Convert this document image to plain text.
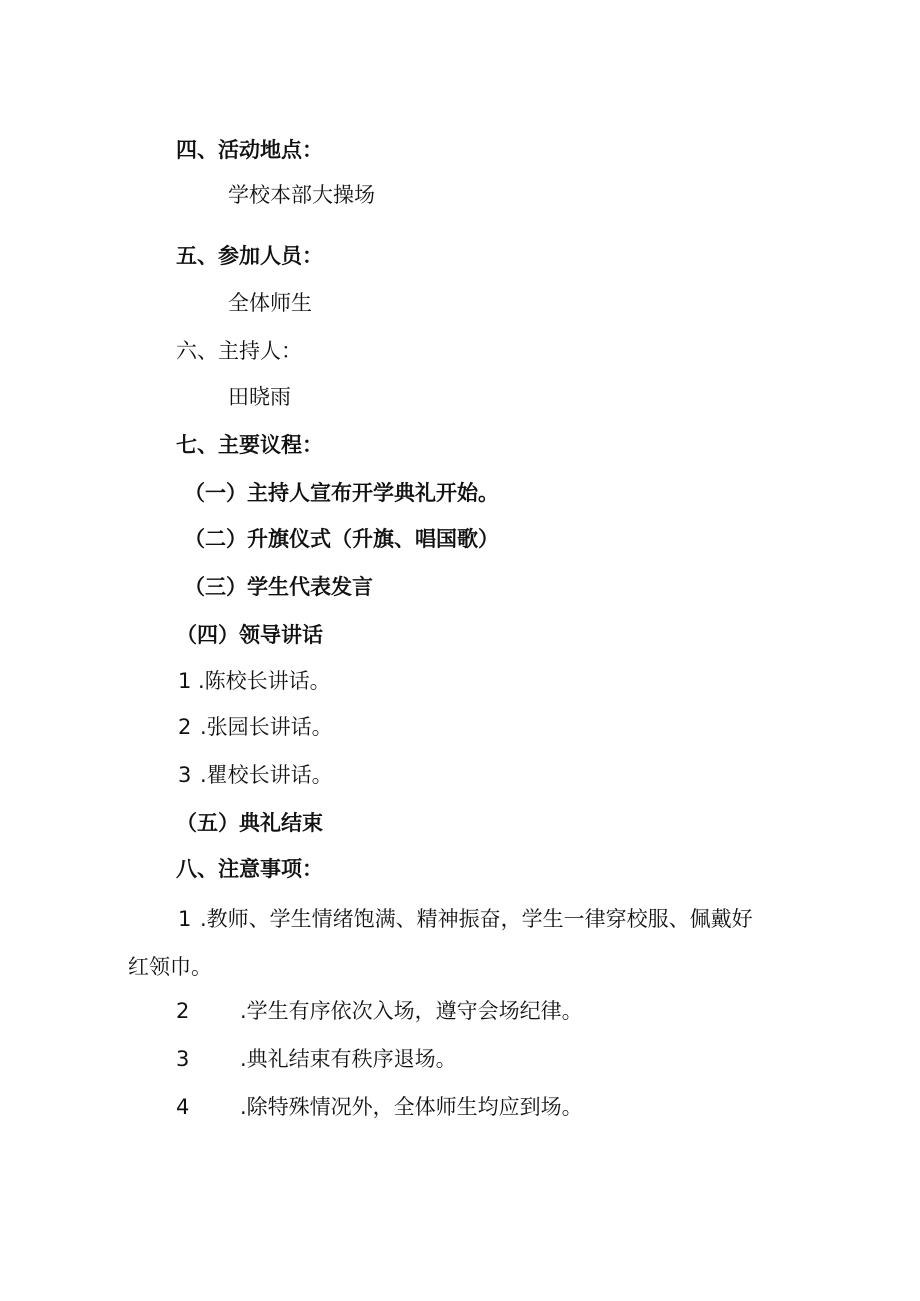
四、活动地点：
学校本部大操场
五、参加人员：
全体师生
六、主持人：
田晓雨
七、主要议程：
（一）主持人宣布开学典礼开始。
（二）升旗仪式（升旗、唱国歌）
（三）学生代表发言
（四）领导讲话
1 .陈校长讲话。
2 .张园长讲话。
3 .瞿校长讲话。
（五）典礼结束
八、注意事项：
1 .教师、学生情绪饱满、精神振奋，学生一律穿校服、佩戴好
红领巾。
2 .学生有序依次入场，遵守会场纪律。
3 .典礼结束有秩序退场。
4 .除特殊情况外，全体师生均应到场。
